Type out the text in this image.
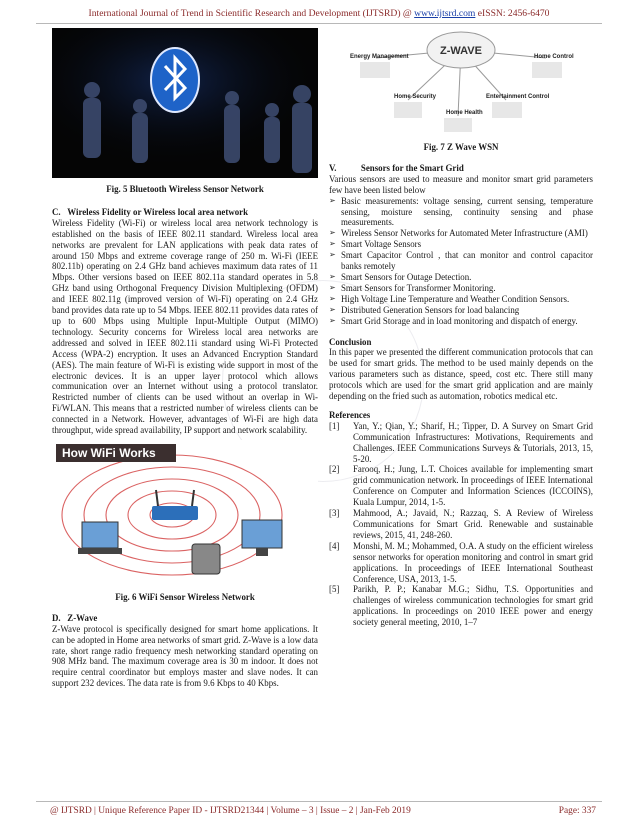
International Journal of Trend in Scientific Research and Development (IJTSRD) @ www.ijtsrd.com eISSN: 2456-6470
Fig. 5 Bluetooth Wireless Sensor Network
C.   Wireless Fidelity or Wireless local area network

Wireless Fidelity (Wi-Fi) or wireless local area network technology is established on the basis of IEEE 802.11 standard. Wireless local area networks are prevalent for LAN applications with peak data rates of around 150 Mbps and extreme coverage range of 250 m. Wi-Fi (IEEE 802.11b) operating on 2.4 GHz band achieves maximum data rates of 11 Mbps. Other versions based on IEEE 802.11a standard operates in 5.8 GHz band using Orthogonal Frequency Division Multiplexing (OFDM) and IEEE 802.11g (improved version of Wi-Fi) operating on 2.4 GHz band provides data rate up to 54 Mbps. IEEE 802.11 provides data rates of up to 600 Mbps using Multiple Input-Multiple Output (MIMO) technology. Security concerns for Wireless local area networks are addressed and solved in IEEE 802.11i standard using Wi-Fi Protected Access (WPA-2) encryption. It uses an Advanced Encryption Standard (AES). The main feature of Wi-Fi is existing wide support in most of the electronic devices. It is an upper layer protocol which allows communication over an Internet without using a protocol translator. Restricted number of clients can be used without an overlap in Wi-Fi/WLAN. This means that a restricted number of wireless clients can be connected in a Network. However, advantages of Wi-Fi are high data throughput, wide spread availability, IP support and network scalability.

How WiFi Works
Fig. 6 WiFi Sensor Wireless Network
D.   Z-Wave

Z-Wave protocol is specifically designed for smart home applications. It can be adopted in Home area networks of smart grid. Z-Wave is a low data rate, short range radio frequency mesh networking standard operating on 908 MHz band. The maximum coverage area is 30 m indoor. It does not require central coordinator but employs master and slave nodes. It can support 232 devices. The data rate is from 9.6 Kbps to 40 Kbps.

Z-WAVE
Energy Management
Home Security
Home Health
Entertainment Control
Home Control
Fig. 7 Z Wave WSN
V.           Sensors for the Smart Grid

Various sensors are used to measure and monitor smart grid parameters few have been listed below

➢ Basic measurements: voltage sensing, current sensing, temperature sensing, moisture sensing, continuity sensing and phase measurements.
➢ Wireless Sensor Networks for Automated Meter Infrastructure (AMI)
➢ Smart Voltage Sensors
➢ Smart Capacitor Control , that can monitor and control capacitor banks remotely
➢ Smart Sensors for Outage Detection.
➢ Smart Sensors for Transformer Monitoring.
➢ High Voltage Line Temperature and Weather Condition Sensors.
➢ Distributed Generation Sensors for load balancing
➢ Smart Grid Storage and in load monitoring and dispatch of energy.
Conclusion

In this paper we presented the different communication protocols that can be used for smart grids. The method to be used mainly depends on the various parameters such as distance, speed, cost etc. There still many protocols which are used for the smart grid application and are mainly depending on the fried such as automation, robotics medical etc.

References
[1] Yan, Y.; Qian, Y.; Sharif, H.; Tipper, D. A Survey on Smart Grid Communication Infrastructures: Motivations, Requirements and Challenges. IEEE Communications Surveys & Tutorials, 2013, 15, 5-20.
[2] Farooq, H.; Jung, L.T. Choices available for implementing smart grid communication network. In proceedings of IEEE International Conference on Computer and Information Sciences (ICCOINS), Kuala Lumpur, 2014, 1-5.
[3] Mahmood, A.; Javaid, N.; Razzaq, S. A Review of Wireless Communications for Smart Grid. Renewable and sustainable reviews, 2015, 41, 248-260.
[4] Monshi, M. M.; Mohammed, O.A. A study on the efficient wireless sensor networks for operation monitoring and control in smart grid applications. In proceedings of IEEE International Southeast Conference, USA, 2013, 1-5.
[5] Parikh, P. P.; Kanabar M.G.; Sidhu, T.S. Opportunities and challenges of wireless communication technologies for smart grid applications. In proceedings on 2010 IEEE power and energy society general meeting, 2010, 1–7
@ IJTSRD | Unique Reference Paper ID - IJTSRD21344 | Volume – 3 | Issue – 2 | Jan-Feb 2019	Page: 337
